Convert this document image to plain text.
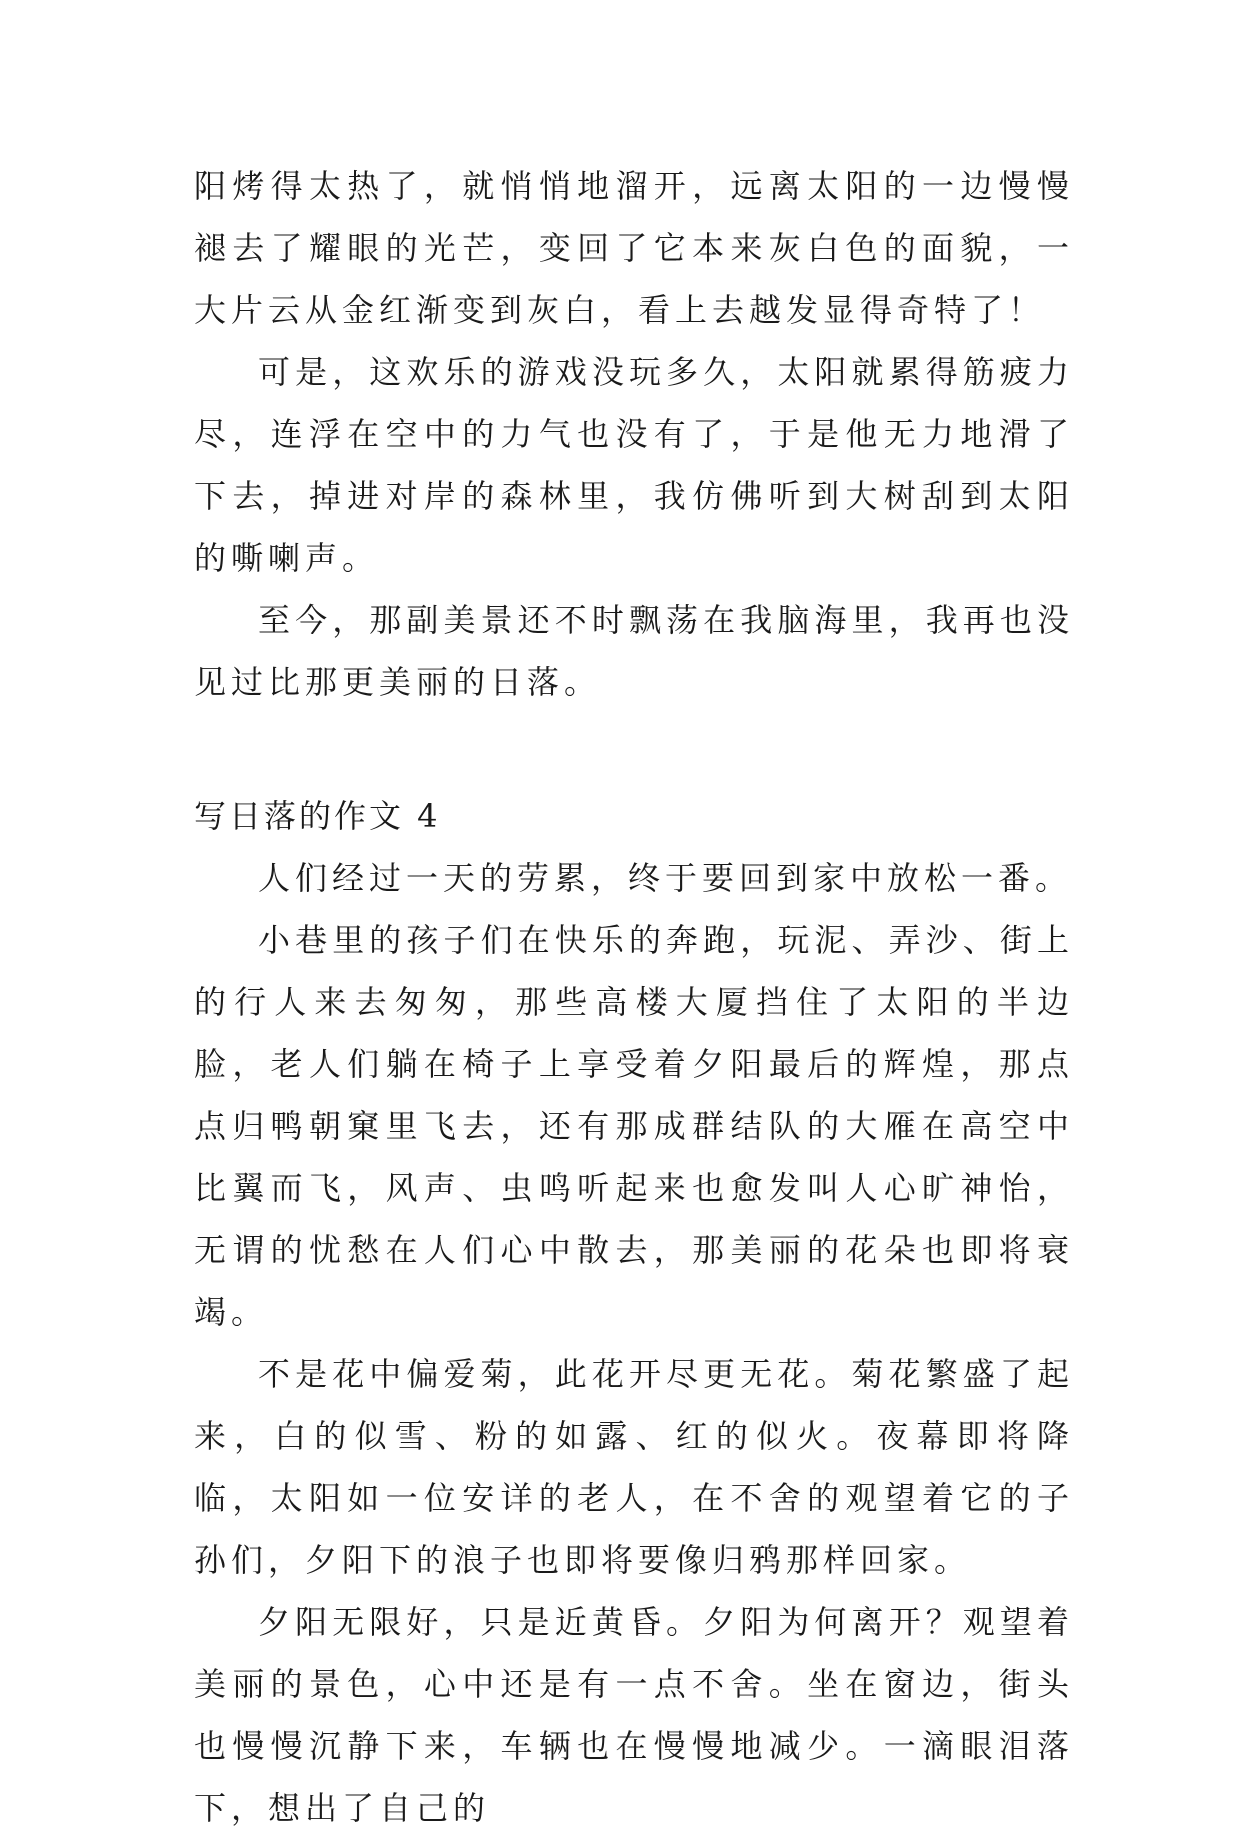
阳烤得太热了，就悄悄地溜开，远离太阳的一边慢慢褪去了耀眼的光芒，变回了它本来灰白色的面貌，一大片云从金红渐变到灰白，看上去越发显得奇特了！

可是，这欢乐的游戏没玩多久，太阳就累得筋疲力尽，连浮在空中的力气也没有了，于是他无力地滑了下去，掉进对岸的森林里，我仿佛听到大树刮到太阳的嘶喇声。

至今，那副美景还不时飘荡在我脑海里，我再也没见过比那更美丽的日落。

写日落的作文 4

人们经过一天的劳累，终于要回到家中放松一番。

小巷里的孩子们在快乐的奔跑，玩泥、弄沙、街上的行人来去匆匆，那些高楼大厦挡住了太阳的半边脸，老人们躺在椅子上享受着夕阳最后的辉煌，那点点归鸭朝窠里飞去，还有那成群结队的大雁在高空中比翼而飞，风声、虫鸣听起来也愈发叫人心旷神怡，无谓的忧愁在人们心中散去，那美丽的花朵也即将衰竭。

不是花中偏爱菊，此花开尽更无花。菊花繁盛了起来，白的似雪、粉的如露、红的似火。夜幕即将降临，太阳如一位安详的老人，在不舍的观望着它的子孙们，夕阳下的浪子也即将要像归鸦那样回家。

夕阳无限好，只是近黄昏。夕阳为何离开？观望着美丽的景色，心中还是有一点不舍。坐在窗边，街头也慢慢沉静下来，车辆也在慢慢地减少。一滴眼泪落下，想出了自己的
